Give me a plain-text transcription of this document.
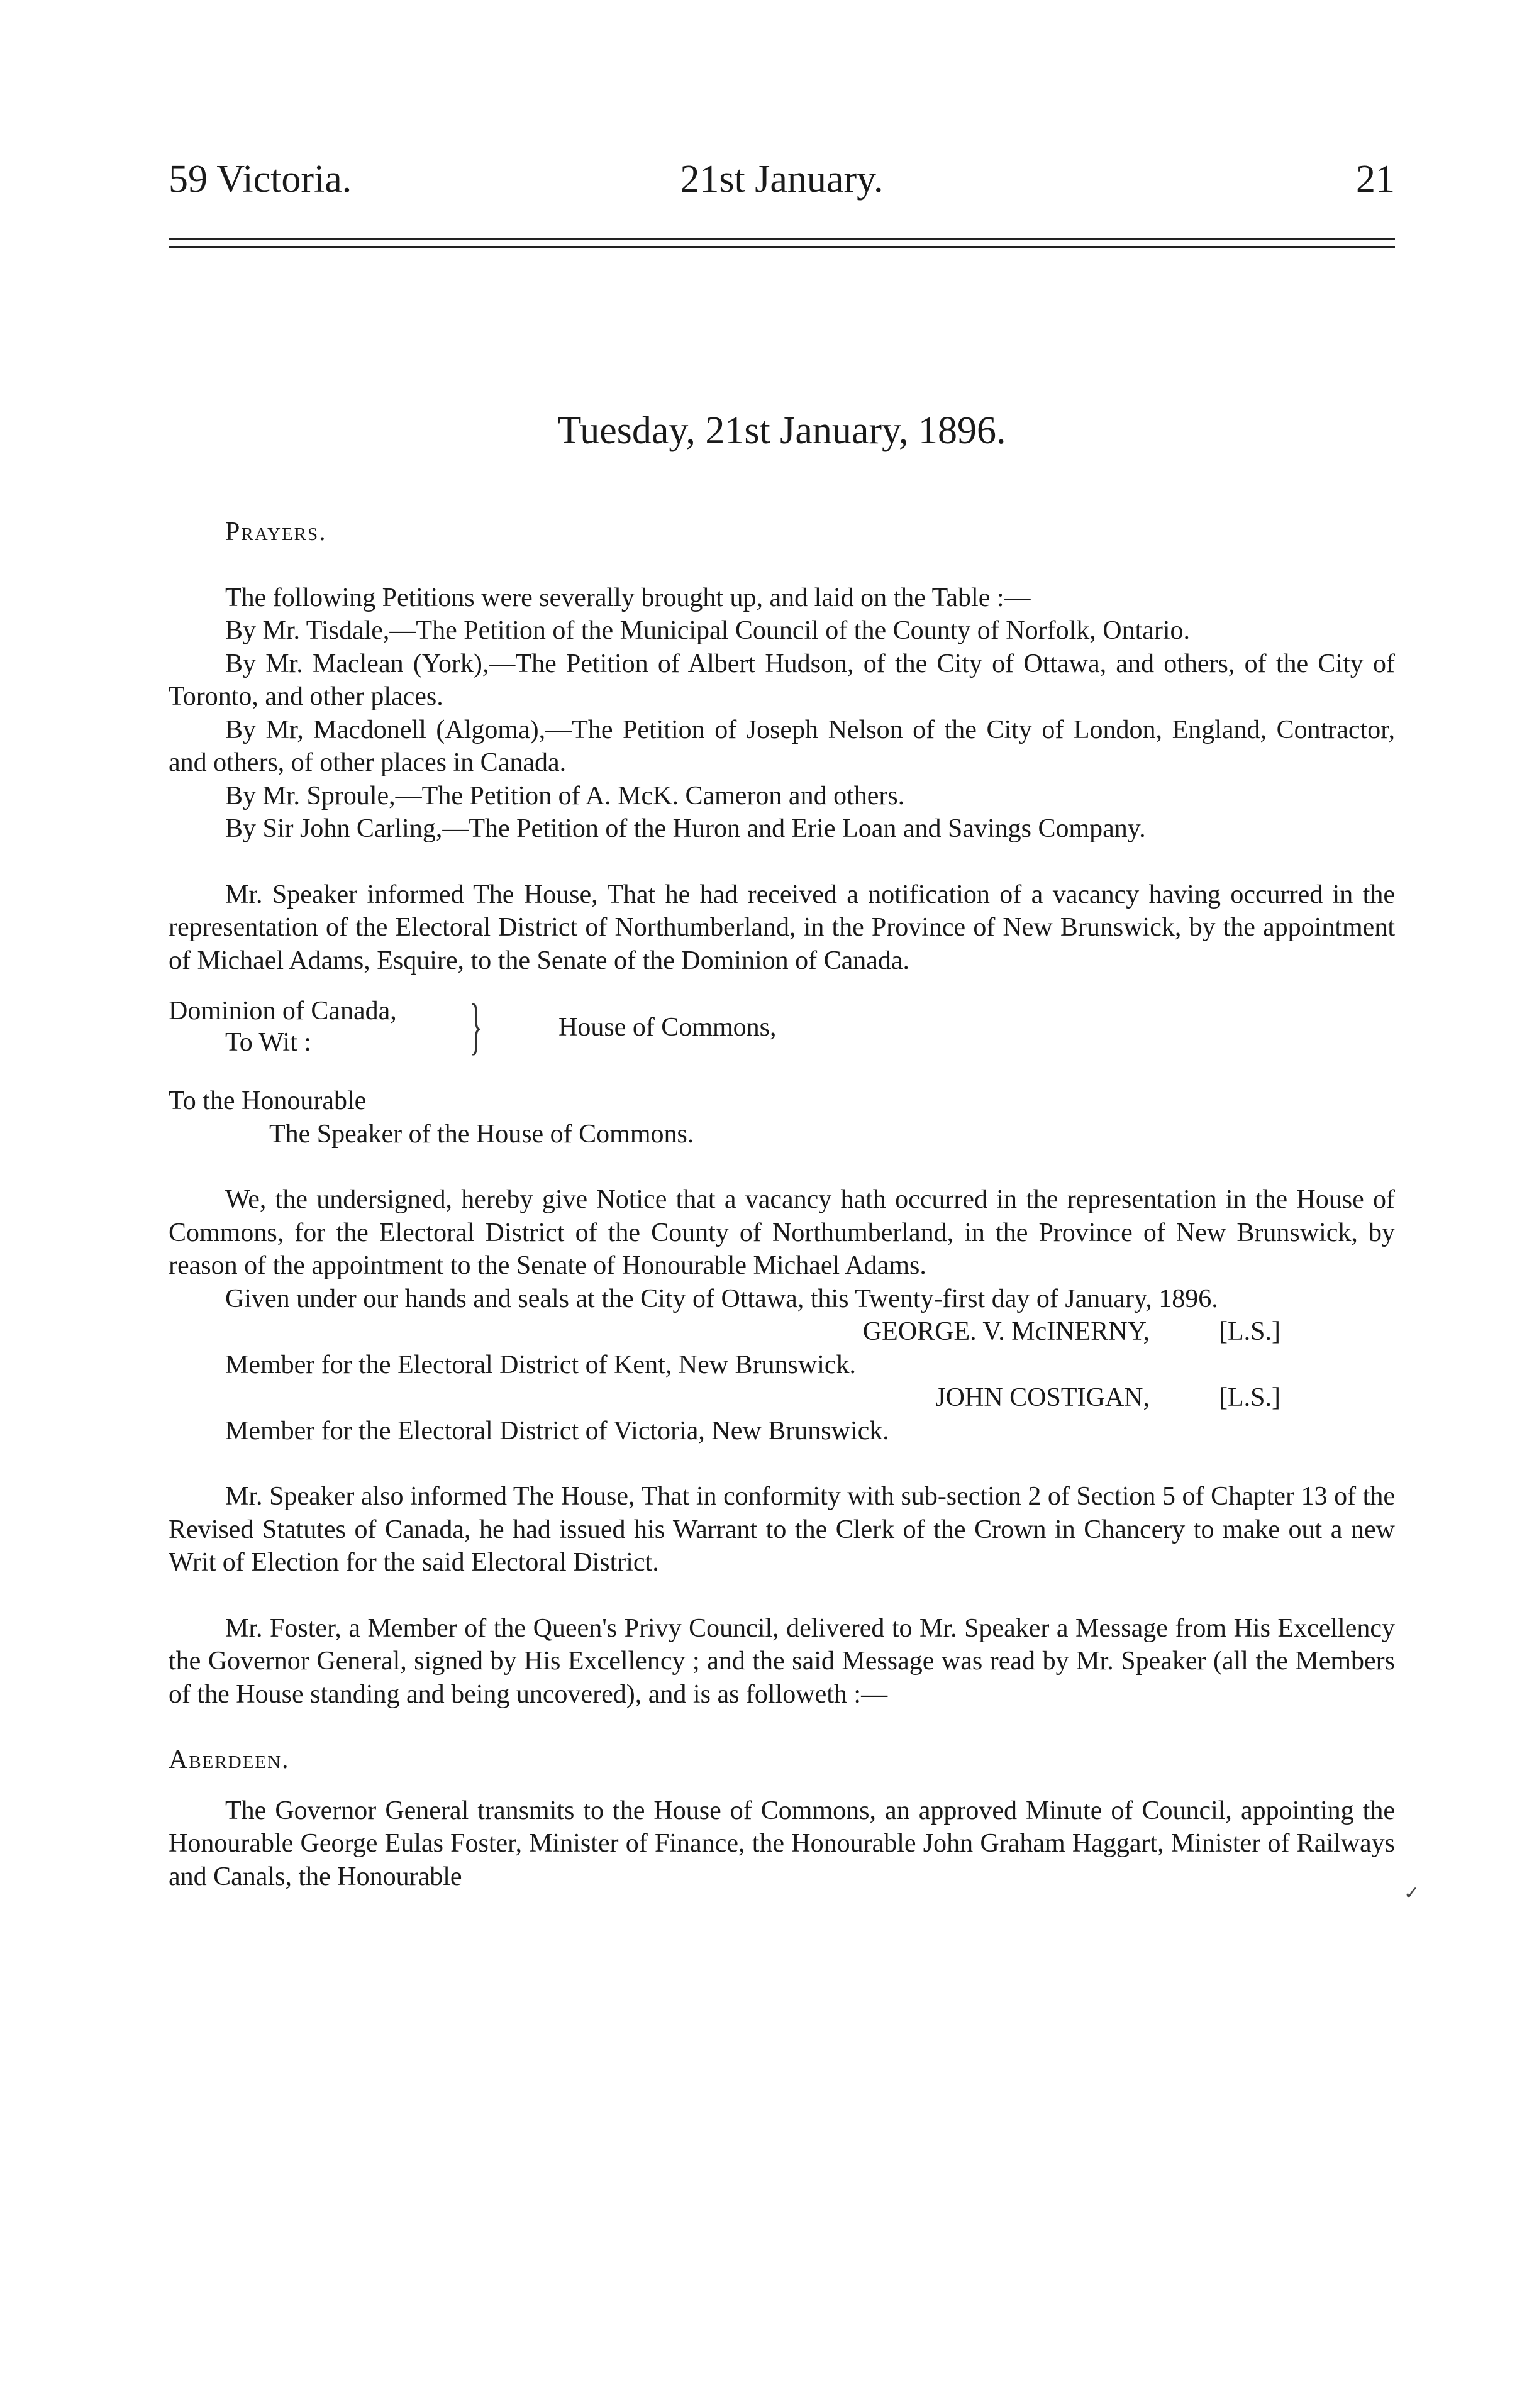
59 Victoria.	21st January.	21
Tuesday, 21st January, 1896.

Prayers.

The following Petitions were severally brought up, and laid on the Table :—

By Mr. Tisdale,—The Petition of the Municipal Council of the County of Norfolk, Ontario.

By Mr. Maclean (York),—The Petition of Albert Hudson, of the City of Ottawa, and others, of the City of Toronto, and other places.

By Mr, Macdonell (Algoma),—The Petition of Joseph Nelson of the City of London, England, Contractor, and others, of other places in Canada.

By Mr. Sproule,—The Petition of A. McK. Cameron and others.

By Sir John Carling,—The Petition of the Huron and Erie Loan and Savings Company.

Mr. Speaker informed The House, That he had received a notification of a vacancy having occurred in the representation of the Electoral District of Northumberland, in the Province of New Brunswick, by the appointment of Michael Adams, Esquire, to the Senate of the Dominion of Canada.

Dominion of Canada,
To Wit :	}	House of Commons,

To the Honourable

The Speaker of the House of Commons.

We, the undersigned, hereby give Notice that a vacancy hath occurred in the representation in the House of Commons, for the Electoral District of the County of Northumberland, in the Province of New Brunswick, by reason of the appointment to the Senate of Honourable Michael Adams.

Given under our hands and seals at the City of Ottawa, this Twenty-first day of January, 1896.

GEORGE. V. McINERNY,	[L.S.]

Member for the Electoral District of Kent, New Brunswick.

JOHN COSTIGAN,	[L.S.]

Member for the Electoral District of Victoria, New Brunswick.

Mr. Speaker also informed The House, That in conformity with sub-section 2 of Section 5 of Chapter 13 of the Revised Statutes of Canada, he had issued his Warrant to the Clerk of the Crown in Chancery to make out a new Writ of Election for the said Electoral District.

Mr. Foster, a Member of the Queen's Privy Council, delivered to Mr. Speaker a Message from His Excellency the Governor General, signed by His Excellency ; and the said Message was read by Mr. Speaker (all the Members of the House standing and being uncovered), and is as followeth :—

Aberdeen.

The Governor General transmits to the House of Commons, an approved Minute of Council, appointing the Honourable George Eulas Foster, Minister of Finance, the Honourable John Graham Haggart, Minister of Railways and Canals, the Honourable

✓
